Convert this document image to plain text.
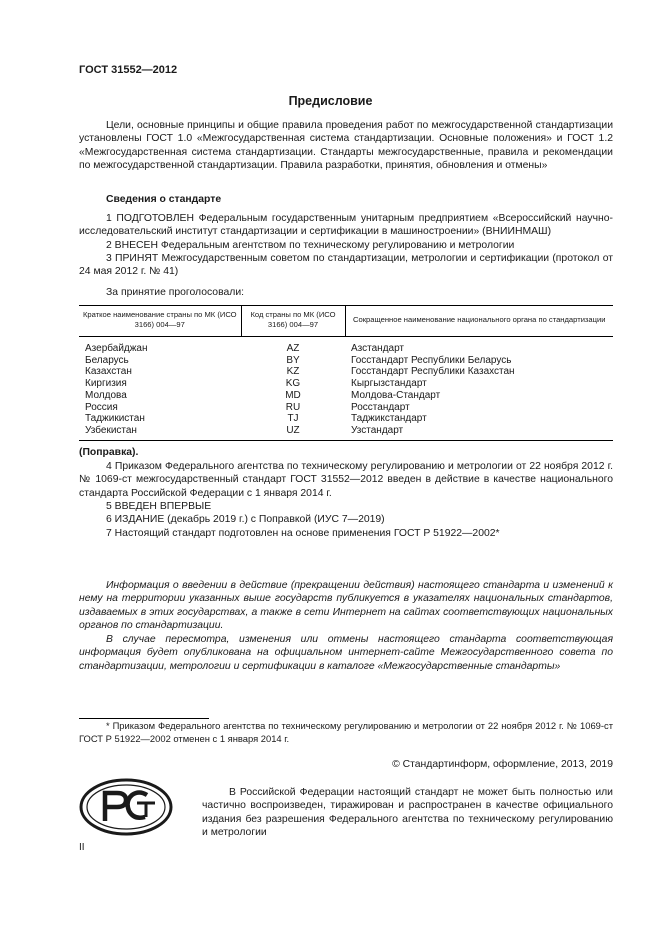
ГОСТ 31552—2012
Предисловие
Цели, основные принципы и общие правила проведения работ по межгосударственной стандартизации установлены ГОСТ 1.0 «Межгосударственная система стандартизации. Основные положения» и ГОСТ 1.2 «Межгосударственная система стандартизации. Стандарты межгосударственные, правила и рекомендации по межгосударственной стандартизации. Правила разработки, принятия, обновления и отмены»
Сведения о стандарте
1 ПОДГОТОВЛЕН Федеральным государственным унитарным предприятием «Всероссийский научно-исследовательский институт стандартизации и сертификации в машиностроении» (ВНИИНМАШ)
2 ВНЕСЕН Федеральным агентством по техническому регулированию и метрологии
3 ПРИНЯТ Межгосударственным советом по стандартизации, метрологии и сертификации (протокол от 24 мая 2012 г. № 41)
За принятие проголосовали:
Краткое наименование страны по МК (ИСО 3166) 004—97	Код страны по МК (ИСО 3166) 004—97	Сокращенное наименование национального органа по стандартизации
Азербайджан	AZ	Азстандарт
Беларусь	BY	Госстандарт Республики Беларусь
Казахстан	KZ	Госстандарт Республики Казахстан
Киргизия	KG	Кыргызстандарт
Молдова	MD	Молдова-Стандарт
Россия	RU	Росстандарт
Таджикистан	TJ	Таджикстандарт
Узбекистан	UZ	Узстандарт
(Поправка).
4 Приказом Федерального агентства по техническому регулированию и метрологии от 22 ноября 2012 г. № 1069-ст межгосударственный стандарт ГОСТ 31552—2012 введен в действие в качестве национального стандарта Российской Федерации с 1 января 2014 г.
5 ВВЕДЕН ВПЕРВЫЕ
6 ИЗДАНИЕ (декабрь 2019 г.) с Поправкой (ИУС 7—2019)
7 Настоящий стандарт подготовлен на основе применения ГОСТ Р 51922—2002*
Информация о введении в действие (прекращении действия) настоящего стандарта и изменений к нему на территории указанных выше государств публикуется в указателях национальных стандартов, издаваемых в этих государствах, а также в сети Интернет на сайтах соответствующих национальных органов по стандартизации.
В случае пересмотра, изменения или отмены настоящего стандарта соответствующая информация будет опубликована на официальном интернет-сайте Межгосударственного совета по стандартизации, метрологии и сертификации в каталоге «Межгосударственные стандарты»
* Приказом Федерального агентства по техническому регулированию и метрологии от 22 ноября 2012 г. № 1069-ст ГОСТ Р 51922—2002 отменен с 1 января 2014 г.
© Стандартинформ, оформление, 2013, 2019
В Российской Федерации настоящий стандарт не может быть полностью или частично воспроизведен, тиражирован и распространен в качестве официального издания без разрешения Федерального агентства по техническому регулированию и метрологии
II
